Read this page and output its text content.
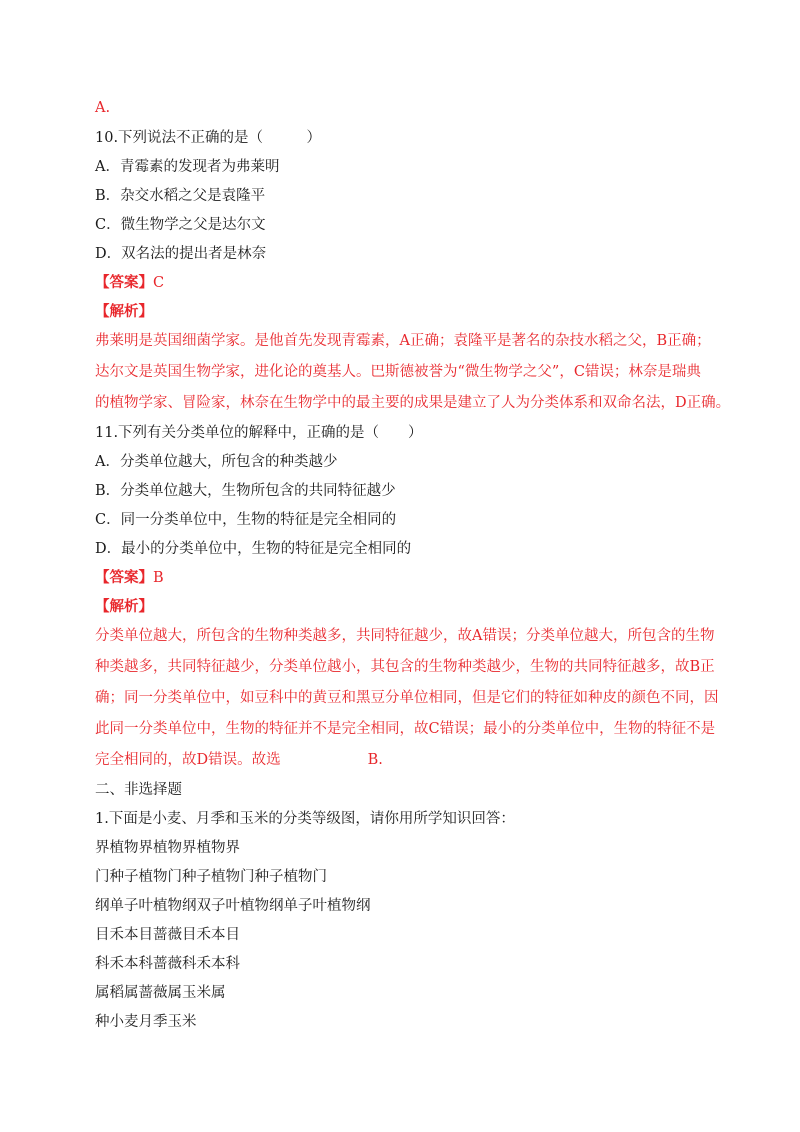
A.
10.下列说法不正确的是（　　　）
A．青霉素的发现者为弗莱明
B．杂交水稻之父是袁隆平
C．微生物学之父是达尔文
D．双名法的提出者是林奈
【答案】C
【解析】
弗莱明是英国细菌学家。是他首先发现青霉素，A正确；袁隆平是著名的杂技水稻之父，B正确；
达尔文是英国生物学家，进化论的奠基人。巴斯德被誉为“微生物学之父”，C错误；林奈是瑞典
的植物学家、冒险家，林奈在生物学中的最主要的成果是建立了人为分类体系和双命名法，D正确。
11.下列有关分类单位的解释中，正确的是（　　）
A．分类单位越大，所包含的种类越少
B．分类单位越大，生物所包含的共同特征越少
C．同一分类单位中，生物的特征是完全相同的
D．最小的分类单位中，生物的特征是完全相同的
【答案】B
【解析】
分类单位越大，所包含的生物种类越多，共同特征越少，故A错误；分类单位越大，所包含的生物
种类越多，共同特征越少，分类单位越小，其包含的生物种类越少，生物的共同特征越多，故B正
确；同一分类单位中，如豆科中的黄豆和黑豆分单位相同，但是它们的特征如种皮的颜色不同，因
此同一分类单位中，生物的特征并不是完全相同，故C错误；最小的分类单位中，生物的特征不是
完全相同的，故D错误。故选　　　　　　B.
二、非选择题
1.下面是小麦、月季和玉米的分类等级图，请你用所学知识回答：
界植物界植物界植物界
门种子植物门种子植物门种子植物门
纲单子叶植物纲双子叶植物纲单子叶植物纲
目禾本目蔷薇目禾本目
科禾本科蔷薇科禾本科
属稻属蔷薇属玉米属
种小麦月季玉米
